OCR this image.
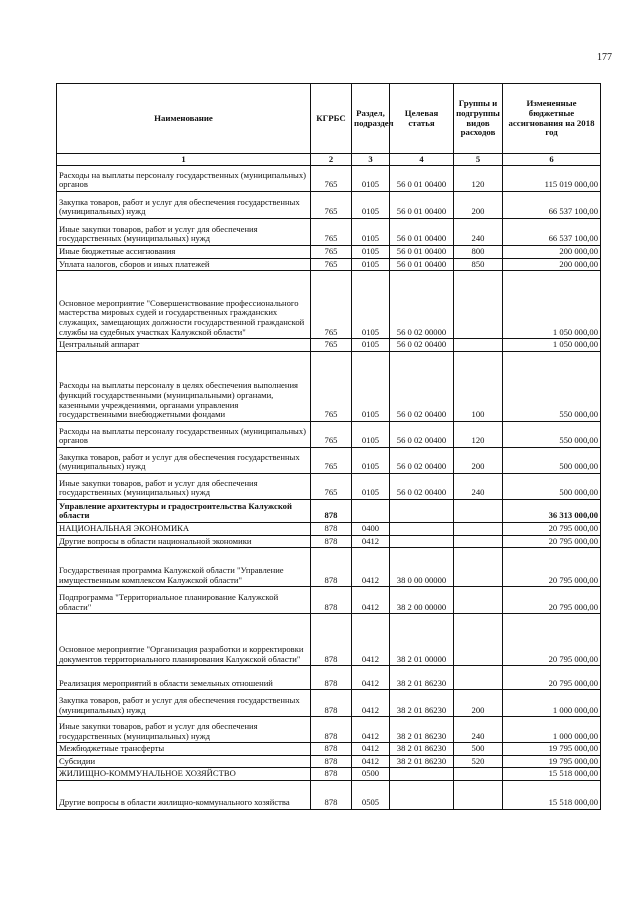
177
Наименование	КГРБС	Раздел, подраздел	Целевая статья	Группы и подгруппы видов расходов	Измененные бюджетные ассигнования на 2018 год
1	2	3	4	5	6
Расходы на выплаты персоналу государственных (муниципальных) органов	765	0105	56 0 01 00400	120	115 019 000,00
Закупка товаров, работ и услуг для обеспечения государственных (муниципальных) нужд	765	0105	56 0 01 00400	200	66 537 100,00
Иные закупки товаров, работ и услуг для обеспечения государственных (муниципальных) нужд	765	0105	56 0 01 00400	240	66 537 100,00
Иные бюджетные ассигнования	765	0105	56 0 01 00400	800	200 000,00
Уплата налогов, сборов и иных платежей	765	0105	56 0 01 00400	850	200 000,00
Основное мероприятие "Совершенствование профессионального мастерства мировых судей и государственных гражданских служащих, замещающих должности государственной гражданской службы на судебных участках Калужской области"	765	0105	56 0 02 00000		1 050 000,00
Центральный аппарат	765	0105	56 0 02 00400		1 050 000,00
Расходы на выплаты персоналу в целях обеспечения выполнения функций государственными (муниципальными) органами, казенными учреждениями, органами управления государственными внебюджетными фондами	765	0105	56 0 02 00400	100	550 000,00
Расходы на выплаты персоналу государственных (муниципальных) органов	765	0105	56 0 02 00400	120	550 000,00
Закупка товаров, работ и услуг для обеспечения государственных (муниципальных) нужд	765	0105	56 0 02 00400	200	500 000,00
Иные закупки товаров, работ и услуг для обеспечения государственных (муниципальных) нужд	765	0105	56 0 02 00400	240	500 000,00
Управление архитектуры и градостроительства Калужской области	878				36 313 000,00
НАЦИОНАЛЬНАЯ ЭКОНОМИКА	878	0400			20 795 000,00
Другие вопросы в области национальной экономики	878	0412			20 795 000,00
Государственная программа Калужской области "Управление имущественным комплексом Калужской области"	878	0412	38 0 00 00000		20 795 000,00
Подпрограмма "Территориальное планирование Калужской области"	878	0412	38 2 00 00000		20 795 000,00
Основное мероприятие "Организация разработки и корректировки документов территориального планирования Калужской области"	878	0412	38 2 01 00000		20 795 000,00
Реализация мероприятий в области земельных отношений	878	0412	38 2 01 86230		20 795 000,00
Закупка товаров, работ и услуг для обеспечения государственных (муниципальных) нужд	878	0412	38 2 01 86230	200	1 000 000,00
Иные закупки товаров, работ и услуг для обеспечения государственных (муниципальных) нужд	878	0412	38 2 01 86230	240	1 000 000,00
Межбюджетные трансферты	878	0412	38 2 01 86230	500	19 795 000,00
Субсидии	878	0412	38 2 01 86230	520	19 795 000,00
ЖИЛИЩНО-КОММУНАЛЬНОЕ ХОЗЯЙСТВО	878	0500			15 518 000,00
Другие вопросы в области жилищно-коммунального хозяйства	878	0505			15 518 000,00
